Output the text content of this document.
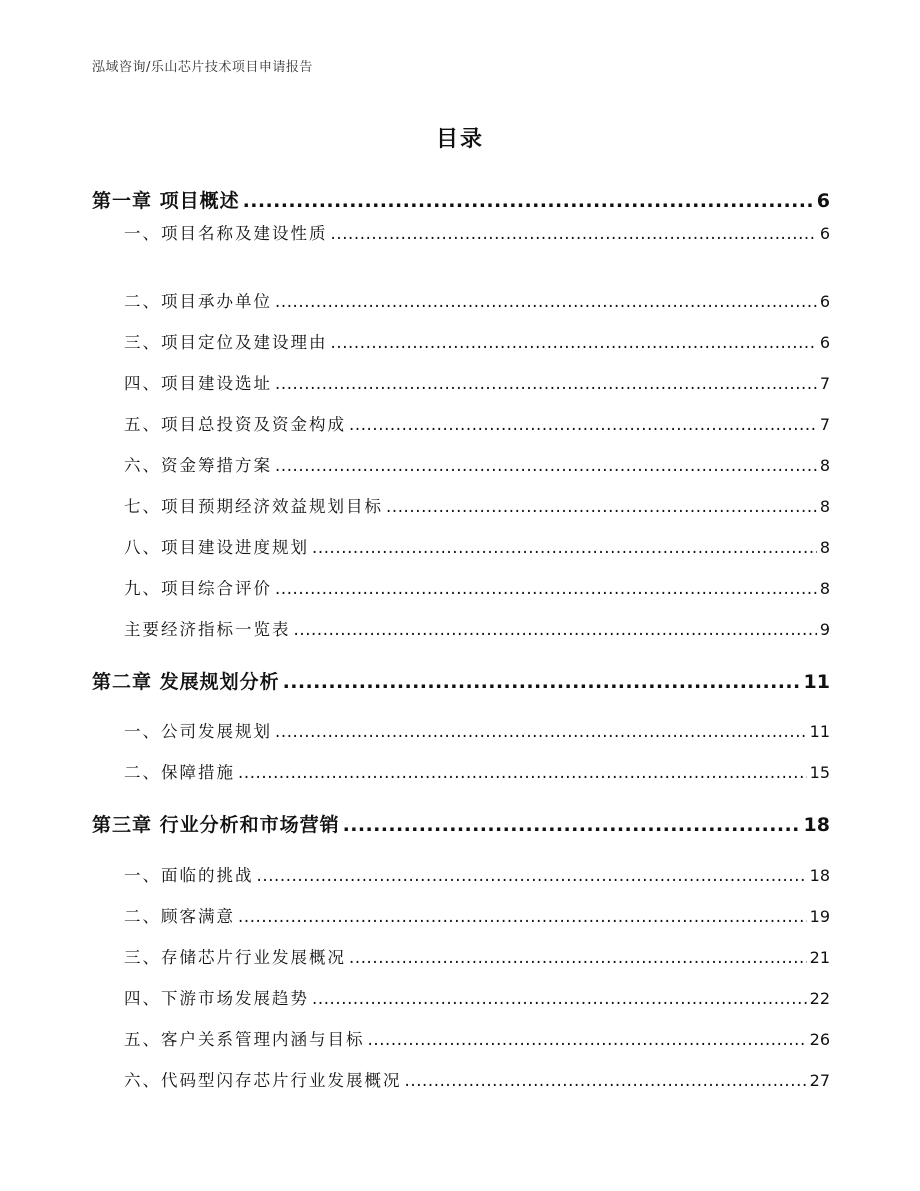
泓域咨询/乐山芯片技术项目申请报告
目录
第一章 项目概述 .....	6
一、 项目名称及建设性质 .....	6
二、 项目承办单位 .....	6
三、 项目定位及建设理由 .....	6
四、 项目建设选址 .....	7
五、 项目总投资及资金构成 .....	7
六、 资金筹措方案 .....	8
七、 项目预期经济效益规划目标 .....	8
八、 项目建设进度规划 .....	8
九、 项目综合评价 .....	8
主要经济指标一览表 .....	9
第二章 发展规划分析 .....	11
一、 公司发展规划 .....	11
二、 保障措施 .....	15
第三章 行业分析和市场营销 .....	18
一、 面临的挑战 .....	18
二、 顾客满意 .....	19
三、 存储芯片行业发展概况 .....	21
四、 下游市场发展趋势 .....	22
五、 客户关系管理内涵与目标 .....	26
六、 代码型闪存芯片行业发展概况 .....	27
